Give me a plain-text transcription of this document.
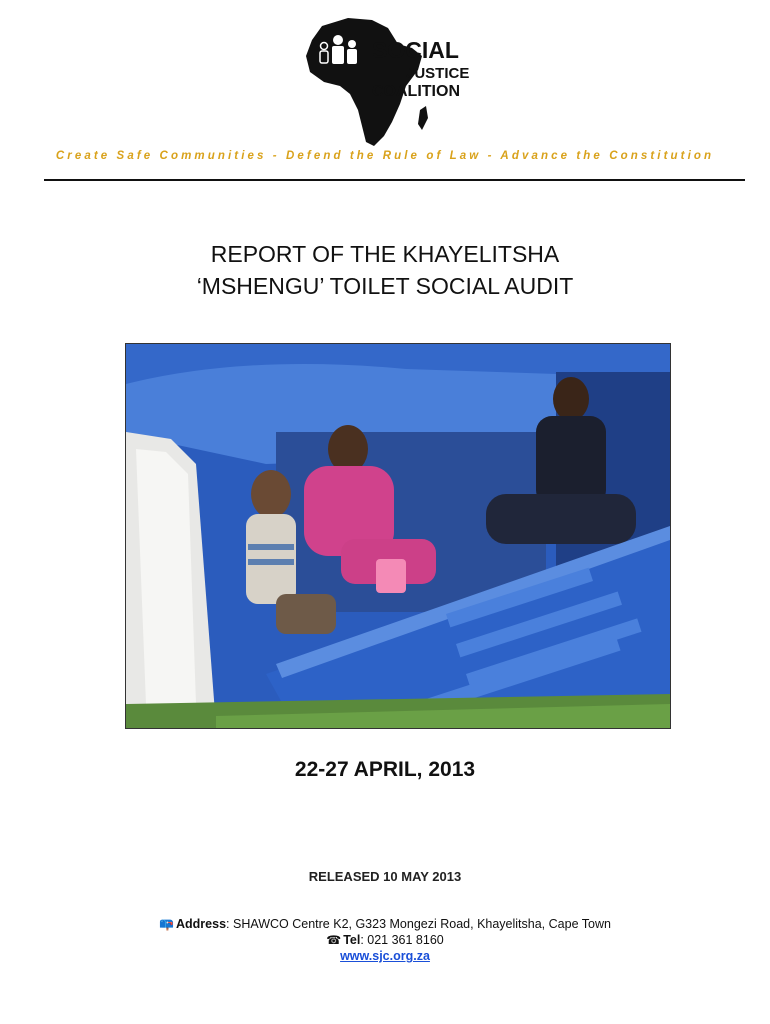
SOCIAL
JUSTICE
COALITION
Create Safe Communities - Defend the Rule of Law - Advance the Constitution
REPORT OF THE KHAYELITSHA
‘MSHENGU’ TOILET SOCIAL AUDIT
22-27 APRIL, 2013
RELEASED 10 MAY 2013
📪 Address: SHAWCO Centre K2, G323 Mongezi Road, Khayelitsha, Cape Town
☎ Tel: 021 361 8160
www.sjc.org.za
